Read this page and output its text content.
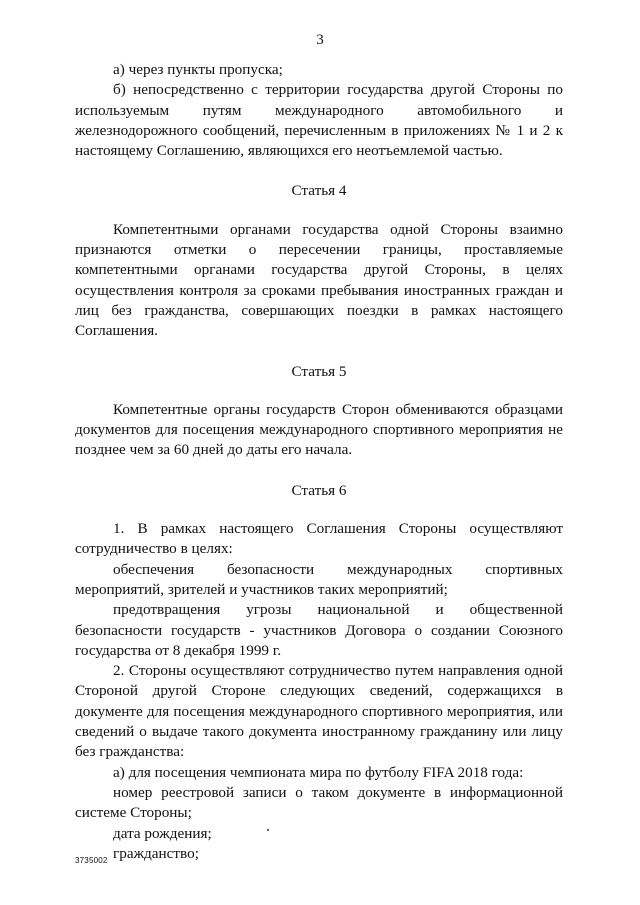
3

а) через пункты пропуска;

б) непосредственно с территории государства другой Стороны по используемым путям международного автомобильного и железнодорожного сообщений, перечисленным в приложениях № 1 и 2 к настоящему Соглашению, являющихся его неотъемлемой частью.

Статья 4

Компетентными органами государства одной Стороны взаимно признаются отметки о пересечении границы, проставляемые компетентными органами государства другой Стороны, в целях осуществления контроля за сроками пребывания иностранных граждан и лиц без гражданства, совершающих поездки в рамках настоящего Соглашения.

Статья 5

Компетентные органы государств Сторон обмениваются образцами документов для посещения международного спортивного мероприятия не позднее чем за 60 дней до даты его начала.

Статья 6

1. В рамках настоящего Соглашения Стороны осуществляют сотрудничество в целях:

обеспечения безопасности международных спортивных мероприятий, зрителей и участников таких мероприятий;

предотвращения угрозы национальной и общественной безопасности государств - участников Договора о создании Союзного государства от 8 декабря 1999 г.

2. Стороны осуществляют сотрудничество путем направления одной Стороной другой Стороне следующих сведений, содержащихся в документе для посещения международного спортивного мероприятия, или сведений о выдаче такого документа иностранному гражданину или лицу без гражданства:

а) для посещения чемпионата мира по футболу FIFA 2018 года:

номер реестровой записи о таком документе в информационной системе Стороны;

дата рождения;

гражданство;

3735002
